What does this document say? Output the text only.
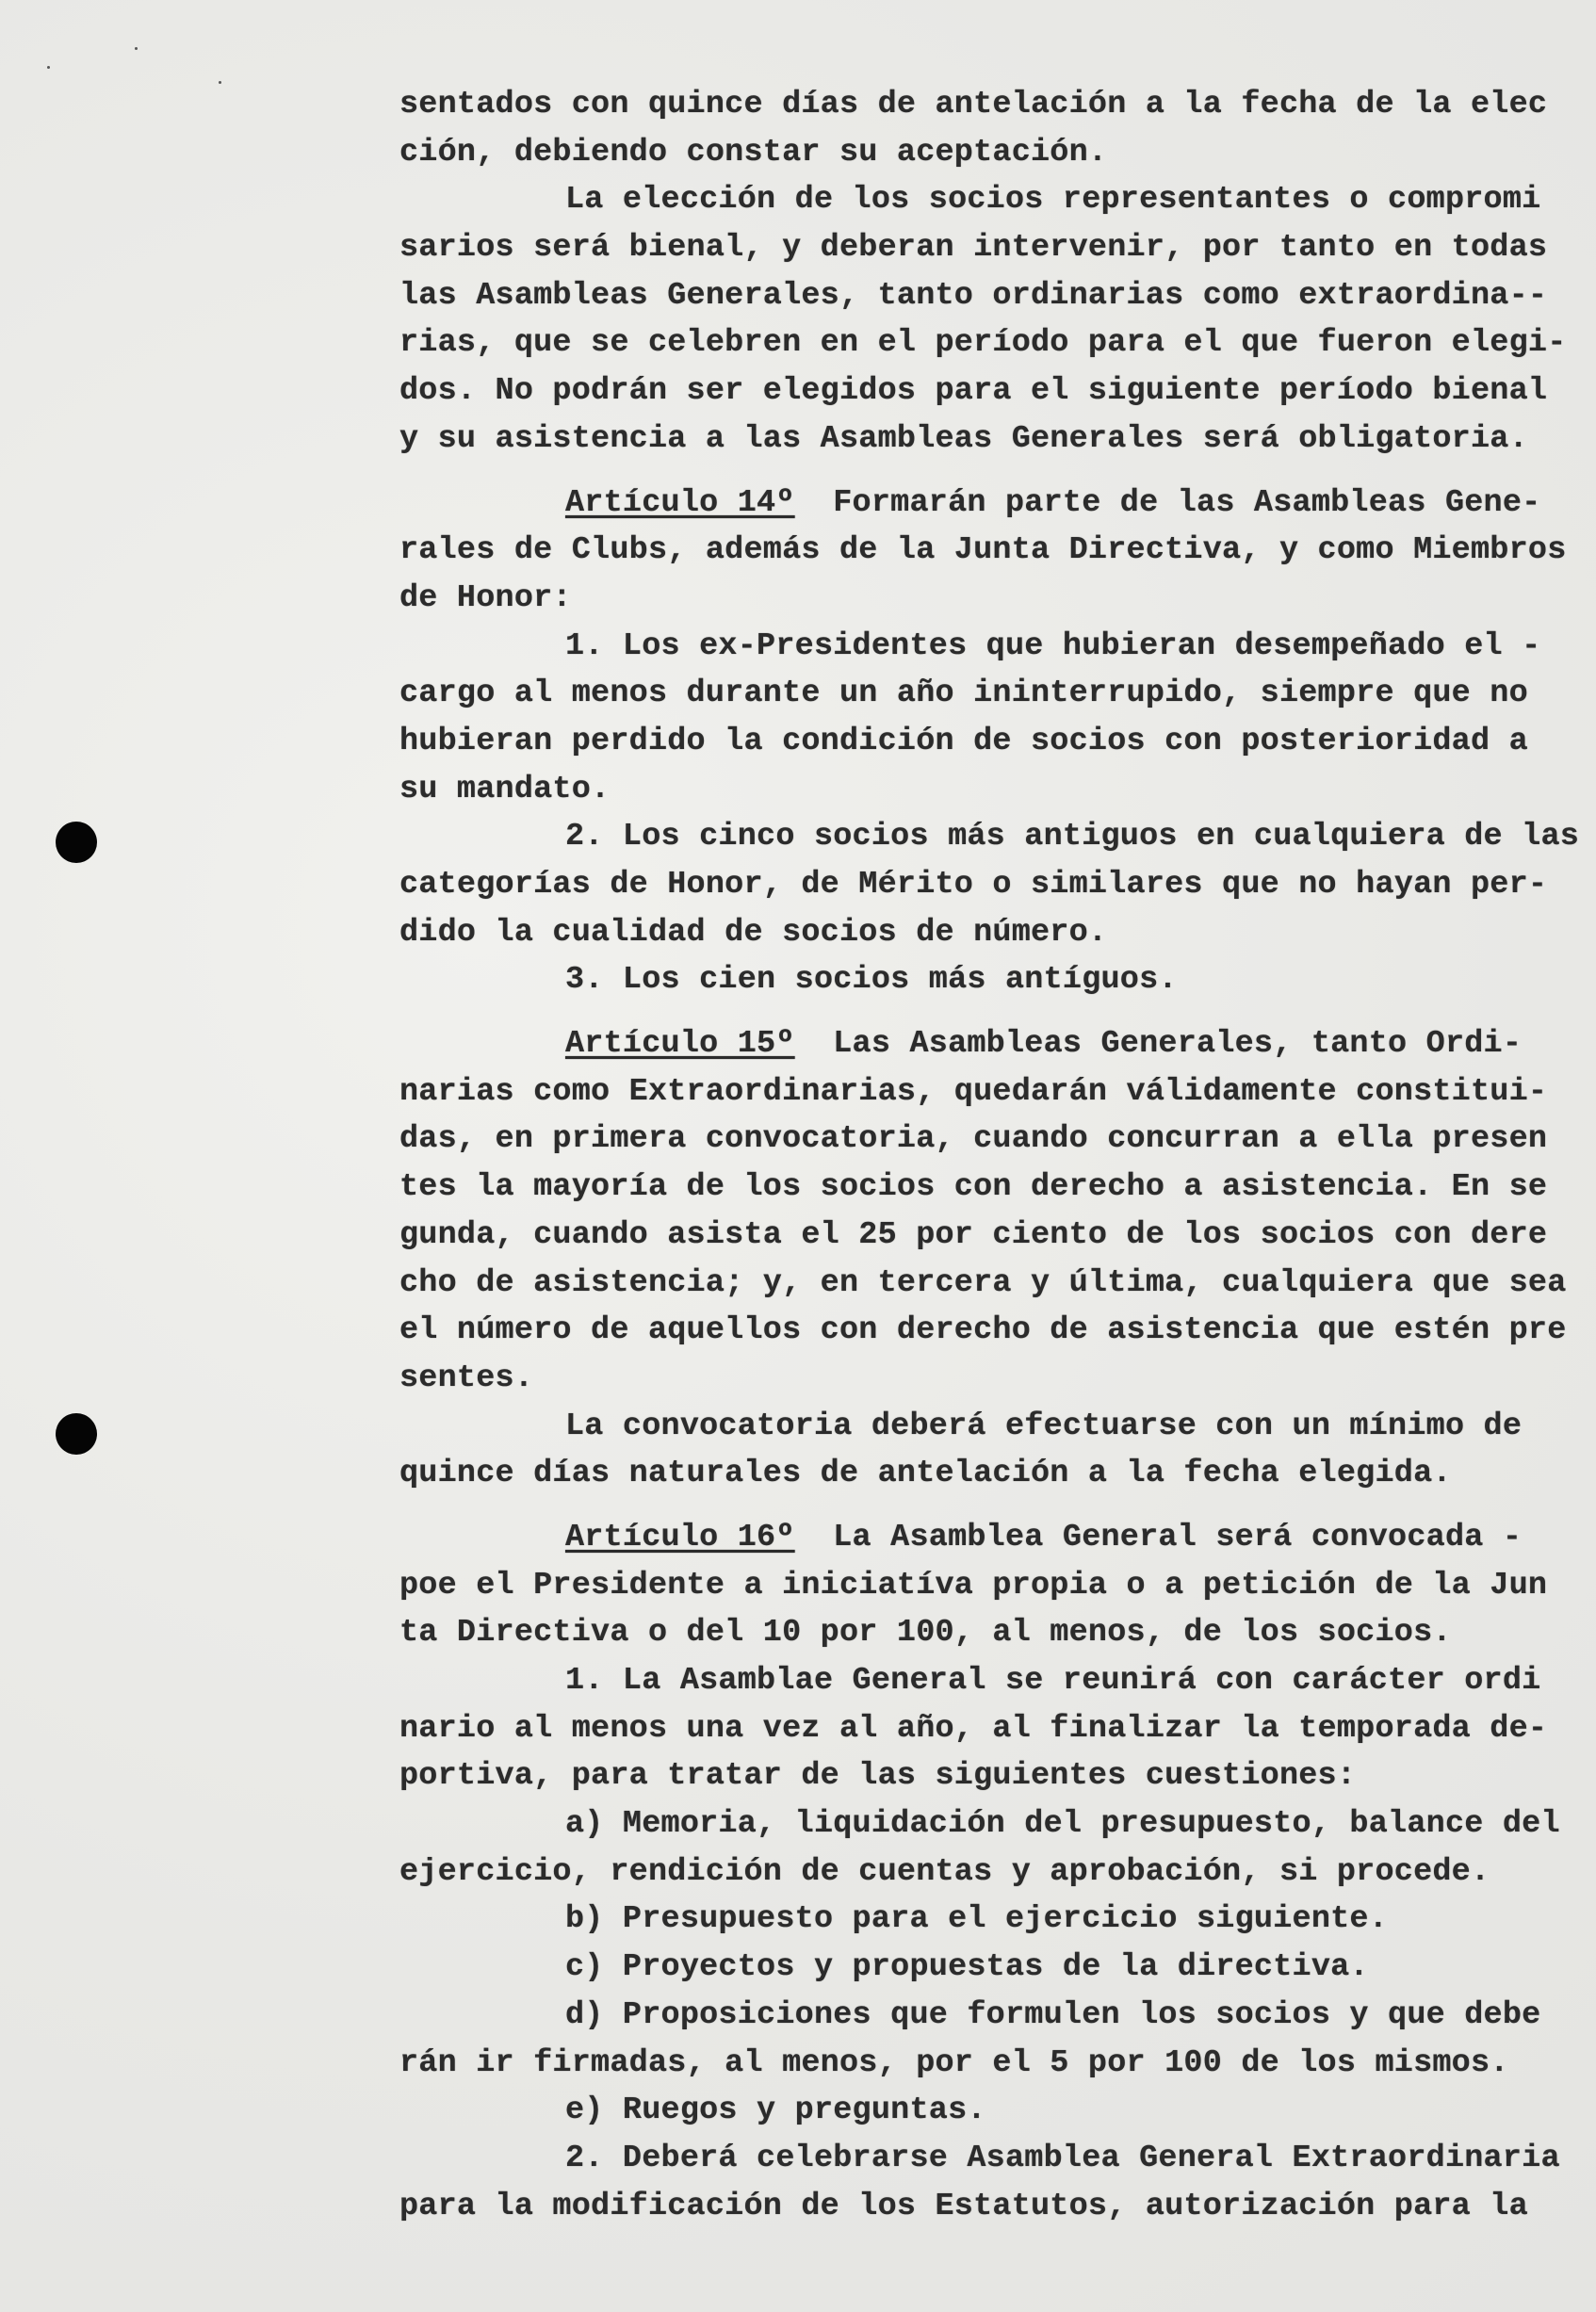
sentados con quince días de antelación a la fecha de la elec
ción, debiendo constar su aceptación.
La elección de los socios representantes o compromi
sarios será bienal, y deberan intervenir, por tanto en todas
las Asambleas Generales, tanto ordinarias como extraordina--
rias, que se celebren en el período para el que fueron elegi-
dos. No podrán ser elegidos para el siguiente período bienal
y su asistencia a las Asambleas Generales será obligatoria.
Artículo 14º  Formarán parte de las Asambleas Gene-
rales de Clubs, además de la Junta Directiva, y como Miembros
de Honor:
1. Los ex-Presidentes que hubieran desempeñado el -
cargo al menos durante un año ininterrupido, siempre que no
hubieran perdido la condición de socios con posterioridad a
su mandato.
2. Los cinco socios más antiguos en cualquiera de las
categorías de Honor, de Mérito o similares que no hayan per-
dido la cualidad de socios de número.
3. Los cien socios más antíguos.
Artículo 15º  Las Asambleas Generales, tanto Ordi-
narias como Extraordinarias, quedarán válidamente constitui-
das, en primera convocatoria, cuando concurran a ella presen
tes la mayoría de los socios con derecho a asistencia. En se
gunda, cuando asista el 25 por ciento de los socios con dere
cho de asistencia; y, en tercera y última, cualquiera que sea
el número de aquellos con derecho de asistencia que estén pre
sentes.
La convocatoria deberá efectuarse con un mínimo de
quince días naturales de antelación a la fecha elegida.
Artículo 16º  La Asamblea General será convocada -
poe el Presidente a iniciatíva propia o a petición de la Jun
ta Directiva o del 10 por 100, al menos, de los socios.
1. La Asamblae General se reunirá con carácter ordi
nario al menos una vez al año, al finalizar la temporada de-
portiva, para tratar de las siguientes cuestiones:
a) Memoria, liquidación del presupuesto, balance del
ejercicio, rendición de cuentas y aprobación, si procede.
b) Presupuesto para el ejercicio siguiente.
c) Proyectos y propuestas de la directiva.
d) Proposiciones que formulen los socios y que debe
rán ir firmadas, al menos, por el 5 por 100 de los mismos.
e) Ruegos y preguntas.
2. Deberá celebrarse Asamblea General Extraordinaria
para la modificación de los Estatutos, autorización para la
